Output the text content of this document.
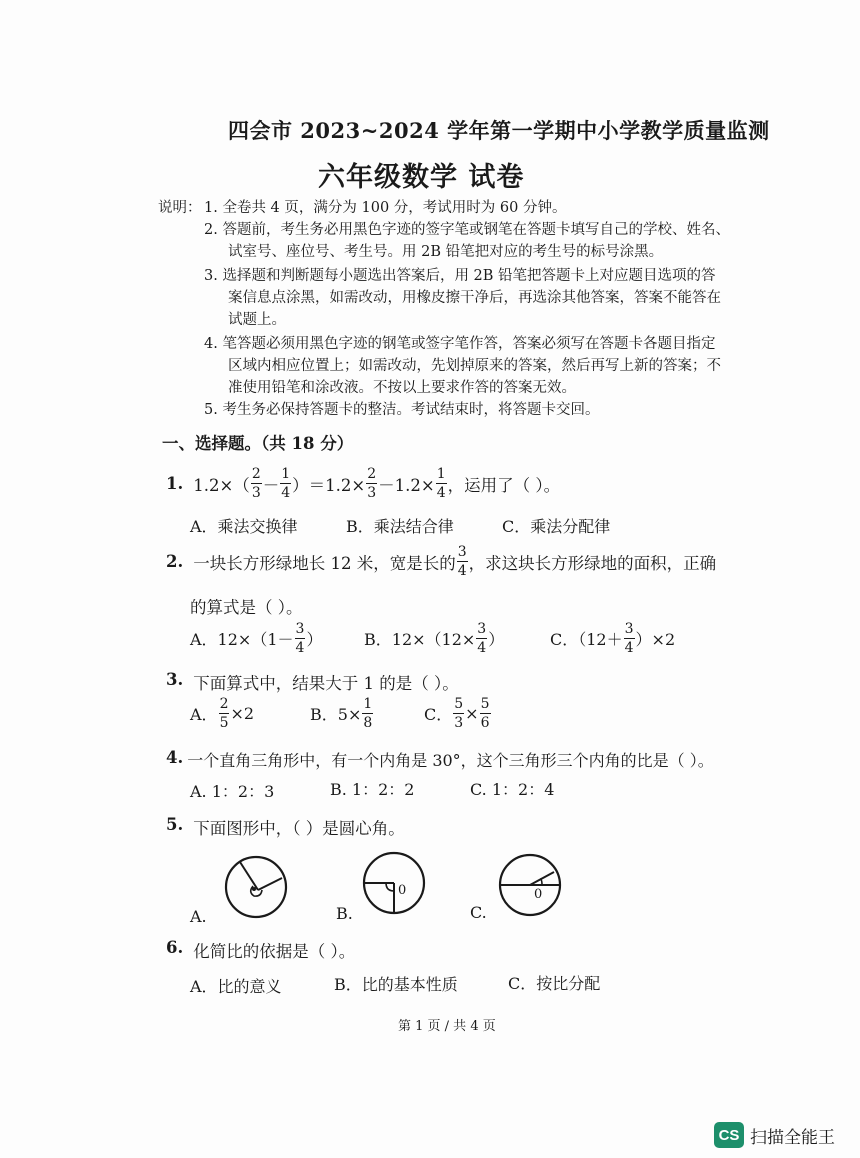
四会市 2023~2024 学年第一学期中小学教学质量监测
六年级数学 试卷
说明： 1. 全卷共 4 页，满分为 100 分，考试用时为 60 分钟。
2. 答题前，考生务必用黑色字迹的签字笔或钢笔在答题卡填写自己的学校、姓名、
试室号、座位号、考生号。用 2B 铅笔把对应的考生号的标号涂黑。
3. 选择题和判断题每小题选出答案后，用 2B 铅笔把答题卡上对应题目选项的答
案信息点涂黑，如需改动，用橡皮擦干净后，再选涂其他答案，答案不能答在
试题上。
4. 笔答题必须用黑色字迹的钢笔或签字笔作答，答案必须写在答题卡各题目指定
区域内相应位置上；如需改动，先划掉原来的答案，然后再写上新的答案；不
准使用铅笔和涂改液。不按以上要求作答的答案无效。
5. 考生务必保持答题卡的整洁。考试结束时，将答题卡交回。
一、选择题。（共 18 分）
1. $1.2\times( \frac{2}{3} - \frac{1}{4} )=1.2\times \frac{2}{3} -1.2\times \frac{1}{4}$ ，运用了（ ）。
A．乘法交换律	B．乘法结合律	C．乘法分配律
2. 一块长方形绿地长 12 米，宽是长的 $\frac{3}{4}$ ，求这块长方形绿地的面积，正确
的算式是（ ）。
A．$12\times(1- \frac{3}{4}$ ）	B．$12\times(12\times \frac{3}{4}$ ）	C．$(12+ \frac{3}{4} )\times 2$
3. 下面算式中，结果大于 1 的是（ ）。
A． $\frac{2}{5} \times 2$	B．$5\times \frac{1}{8}$	C． $\frac{5}{3} \times \frac{5}{6}$
4. 一个直角三角形中，有一个内角是 30°，这个三角形三个内角的比是（ ）。
A. 1：2：3	B. 1：2：2	C. 1：2：4
5. 下面图形中，（ ）是圆心角。
A.	B.
0
C.
0
6. 化简比的依据是（ ）。
A．比的意义	B．比的基本性质	C．按比分配
第 1 页 / 共 4 页
CS 扫描全能王
